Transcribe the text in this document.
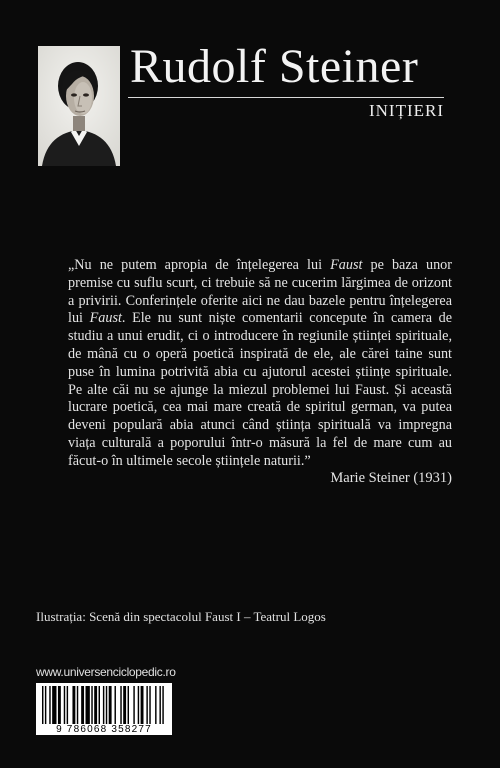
Rudolf Steiner
INIȚIERI
„Nu ne putem apropia de înțelegerea lui Faust pe baza unor premise cu suflu scurt, ci trebuie să ne cucerim lărgimea de orizont a privirii. Conferințele oferite aici ne dau bazele pentru înțelegerea lui Faust. Ele nu sunt niște comentarii concepute în camera de studiu a unui erudit, ci o introducere în regiunile științei spirituale, de mână cu o operă poetică inspirată de ele, ale cărei taine sunt puse în lumina potrivită abia cu ajutorul acestei științe spirituale. Pe alte căi nu se ajunge la miezul problemei lui Faust. Și această lucrare poetică, cea mai mare creată de spiritul german, va putea deveni populară abia atunci când știința spirituală va impregna viața culturală a poporului într-o măsură la fel de mare cum au făcut-o în ultimele secole științele naturii.”
Marie Steiner (1931)
Ilustrația: Scenă din spectacolul Faust I – Teatrul Logos
www.universenciclopedic.ro
9 786068 358277
